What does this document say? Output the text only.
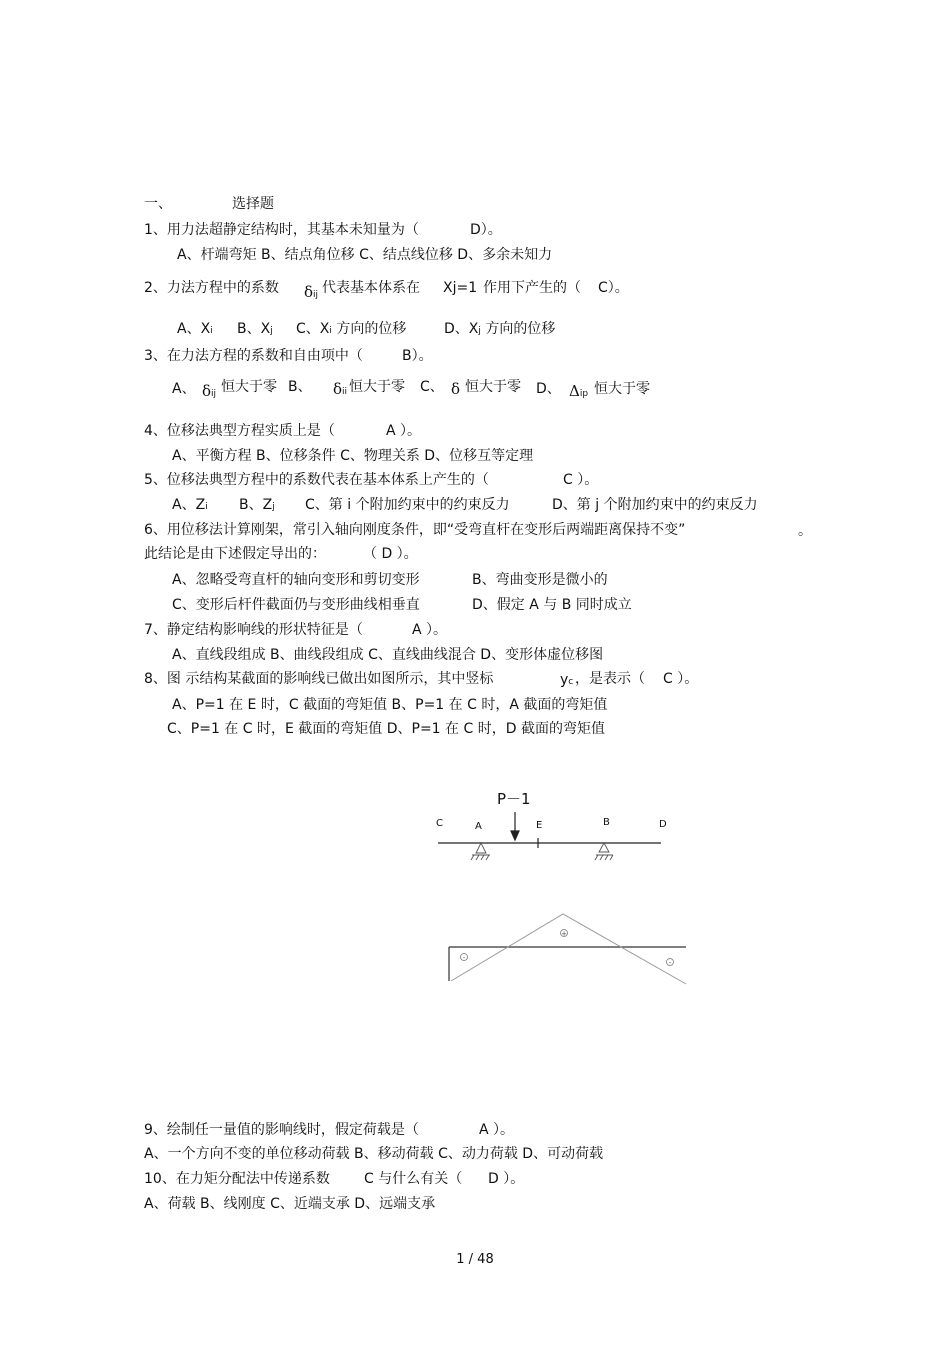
一、	选择题
1、用力法超静定结构时，其基本未知量为（	D）。
A、杆端弯矩 B、结点角位移 C、结点线位移 D、多余未知力
2、力法方程中的系数 δij 代表基本体系在 Xj=1 作用下产生的（ C）。
A、Xi B、Xj C、Xi 方向的位移	D、Xj 方向的位移
3、在力法方程的系数和自由项中（	B）。
A、 δij 恒大于零 B、 δii 恒大于零 C、 δ 恒大于零 D、 Δip 恒大于零
4、位移法典型方程实质上是（	A ）。
A、平衡方程 B、位移条件 C、物理关系 D、位移互等定理
5、位移法典型方程中的系数代表在基本体系上产生的（	C ）。
A、Zi B、Zj C、第 i 个附加约束中的约束反力	D、第 j 个附加约束中的约束反力
6、用位移法计算刚架，常引入轴向刚度条件，即“受弯直杆在变形后两端距离保持不变”	。
此结论是由下述假定导出的：	（ D ）。
A、忽略受弯直杆的轴向变形和剪切变形	B、弯曲变形是微小的
C、变形后杆件截面仍与变形曲线相垂直	D、假定 A 与 B 同时成立
7、静定结构影响线的形状特征是（	A ）。
A、直线段组成 B、曲线段组成 C、直线曲线混合 D、变形体虚位移图
8、图 示结构某截面的影响线已做出如图所示，其中竖标	yc ，是表示（ C ）。
A、P=1 在 E 时，C 截面的弯矩值 B、P=1 在 C 时，A 截面的弯矩值
C、P=1 在 C 时，E 截面的弯矩值 D、P=1 在 C 时，D 截面的弯矩值
P－1
C	A	E	B	D
+
-
-
9、绘制任一量值的影响线时，假定荷载是（	A ）。
A、一个方向不变的单位移动荷载 B、移动荷载 C、动力荷载 D、可动荷载
10、在力矩分配法中传递系数 C 与什么有关（ D ）。
A、荷载 B、线刚度 C、近端支承 D、远端支承
1 / 48
